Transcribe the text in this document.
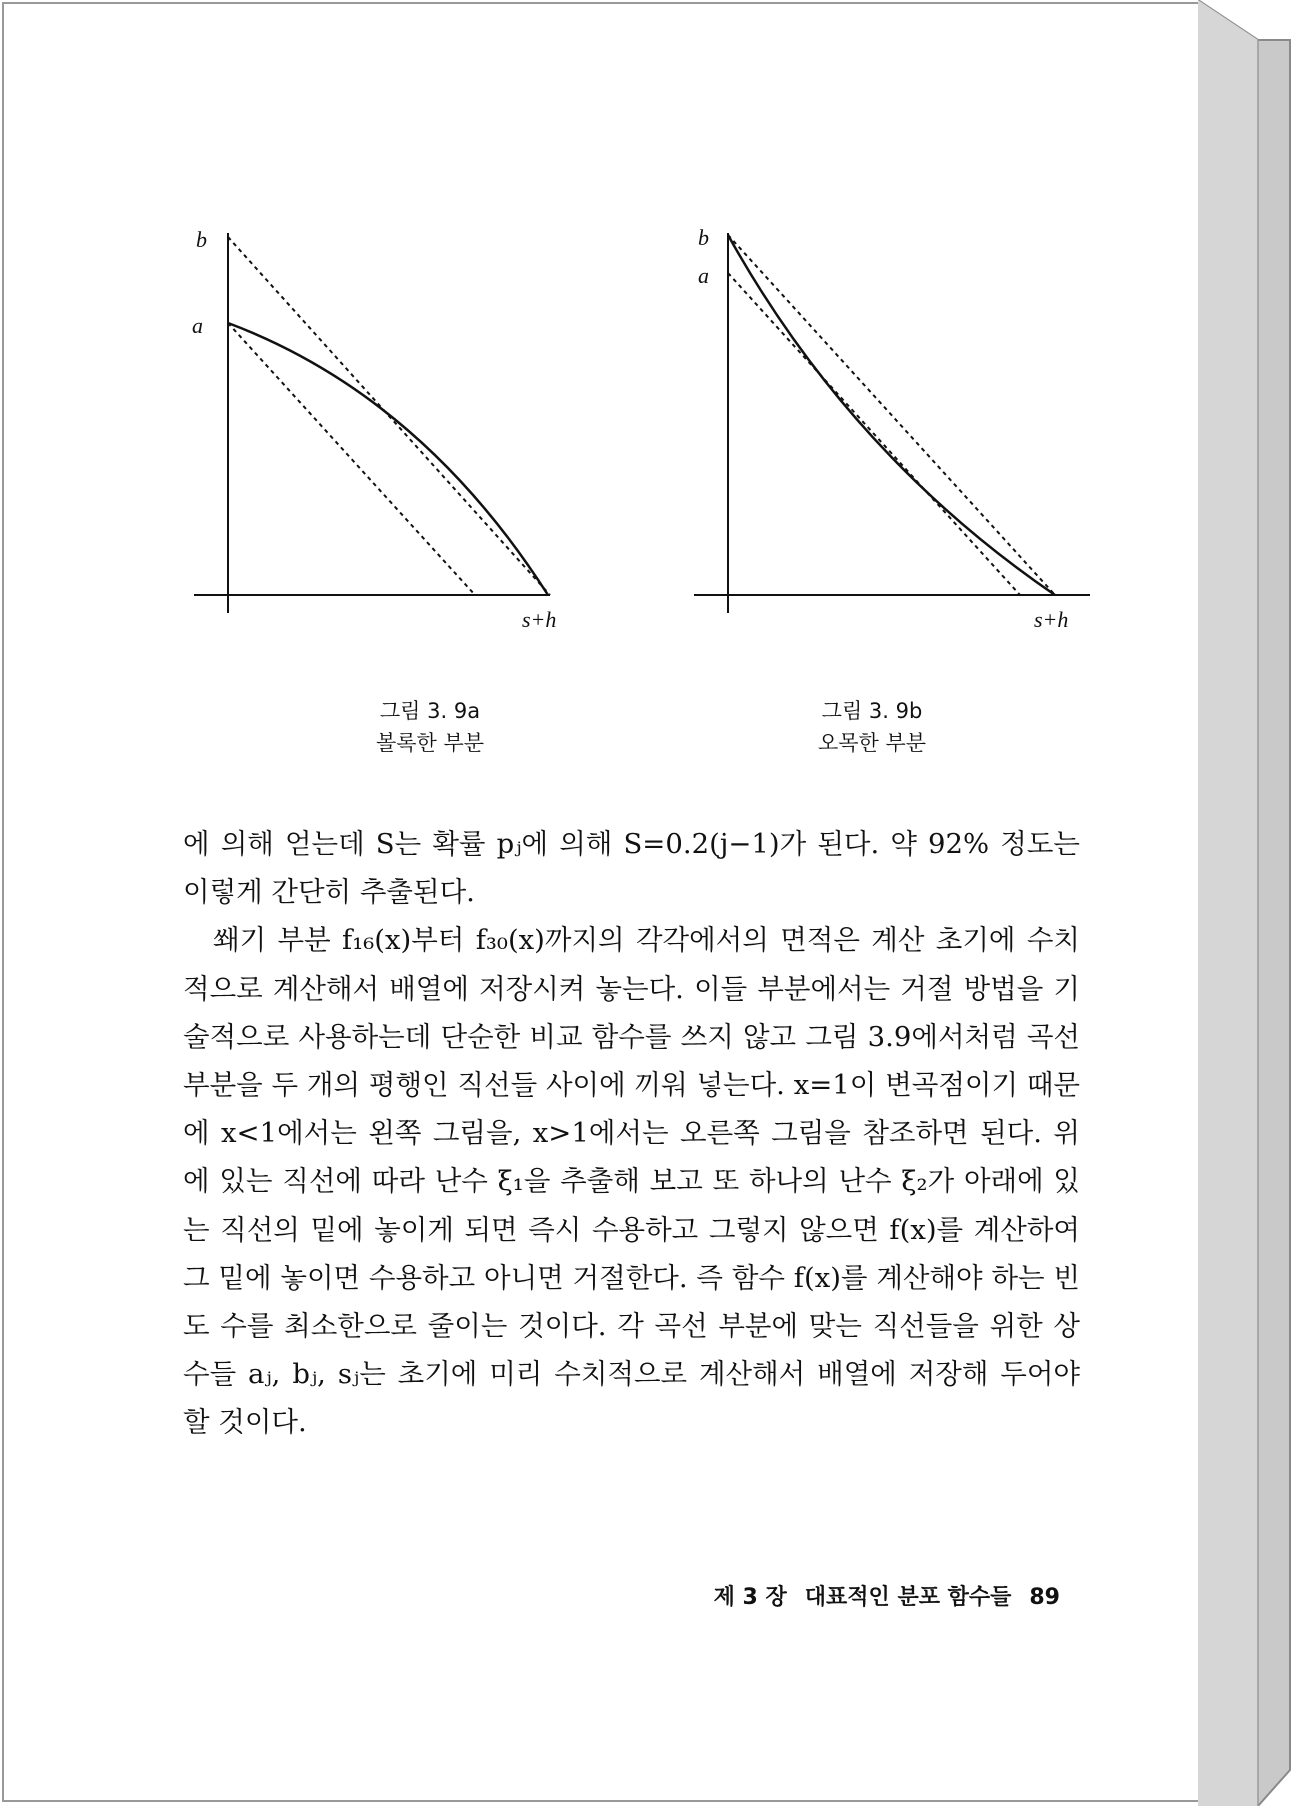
b
a
s+h
b
a
s+h
그림 3. 9a
볼록한 부분
그림 3. 9b
오목한 부분

에 의해 얻는데 S는 확률 pⱼ에 의해 S=0.2(j−1)가 된다. 약 92% 정도는 이렇게 간단히 추출된다.

쐐기 부분 f₁₆(x)부터 f₃₀(x)까지의 각각에서의 면적은 계산 초기에 수치적으로 계산해서 배열에 저장시켜 놓는다. 이들 부분에서는 거절 방법을 기술적으로 사용하는데 단순한 비교 함수를 쓰지 않고 그림 3.9에서처럼 곡선 부분을 두 개의 평행인 직선들 사이에 끼워 넣는다. x=1이 변곡점이기 때문에 x<1에서는 왼쪽 그림을, x>1에서는 오른쪽 그림을 참조하면 된다. 위에 있는 직선에 따라 난수 ξ₁을 추출해 보고 또 하나의 난수 ξ₂가 아래에 있는 직선의 밑에 놓이게 되면 즉시 수용하고 그렇지 않으면 f(x)를 계산하여 그 밑에 놓이면 수용하고 아니면 거절한다. 즉 함수 f(x)를 계산해야 하는 빈도 수를 최소한으로 줄이는 것이다. 각 곡선 부분에 맞는 직선들을 위한 상수들 aⱼ, bⱼ, sⱼ는 초기에 미리 수치적으로 계산해서 배열에 저장해 두어야 할 것이다.

제 3 장 대표적인 분포 함수들 89
